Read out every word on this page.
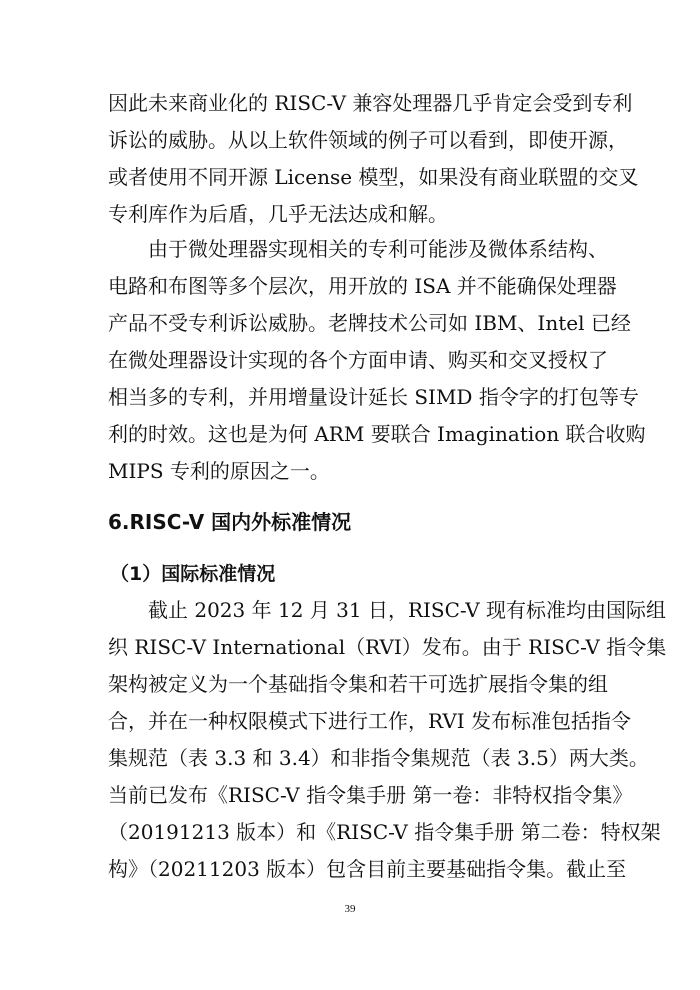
因此未来商业化的 RISC-V 兼容处理器几乎肯定会受到专利
诉讼的威胁。从以上软件领域的例子可以看到，即使开源，
或者使用不同开源 License 模型，如果没有商业联盟的交叉
专利库作为后盾，几乎无法达成和解。
由于微处理器实现相关的专利可能涉及微体系结构、
电路和布图等多个层次，用开放的 ISA 并不能确保处理器
产品不受专利诉讼威胁。老牌技术公司如 IBM、Intel 已经
在微处理器设计实现的各个方面申请、购买和交叉授权了
相当多的专利，并用增量设计延长 SIMD 指令字的打包等专
利的时效。这也是为何 ARM 要联合 Imagination 联合收购
MIPS 专利的原因之一。
6.RISC-V 国内外标准情况
（1）国际标准情况
截止 2023 年 12 月 31 日，RISC-V 现有标准均由国际组
织 RISC-V International（RVI）发布。由于 RISC-V 指令集
架构被定义为一个基础指令集和若干可选扩展指令集的组
合，并在一种权限模式下进行工作，RVI 发布标准包括指令
集规范（表 3.3 和 3.4）和非指令集规范（表 3.5）两大类。
当前已发布《RISC-V 指令集手册 第一卷：非特权指令集》
（20191213 版本）和《RISC-V 指令集手册 第二卷：特权架
构》（20211203 版本）包含目前主要基础指令集。截止至
39
